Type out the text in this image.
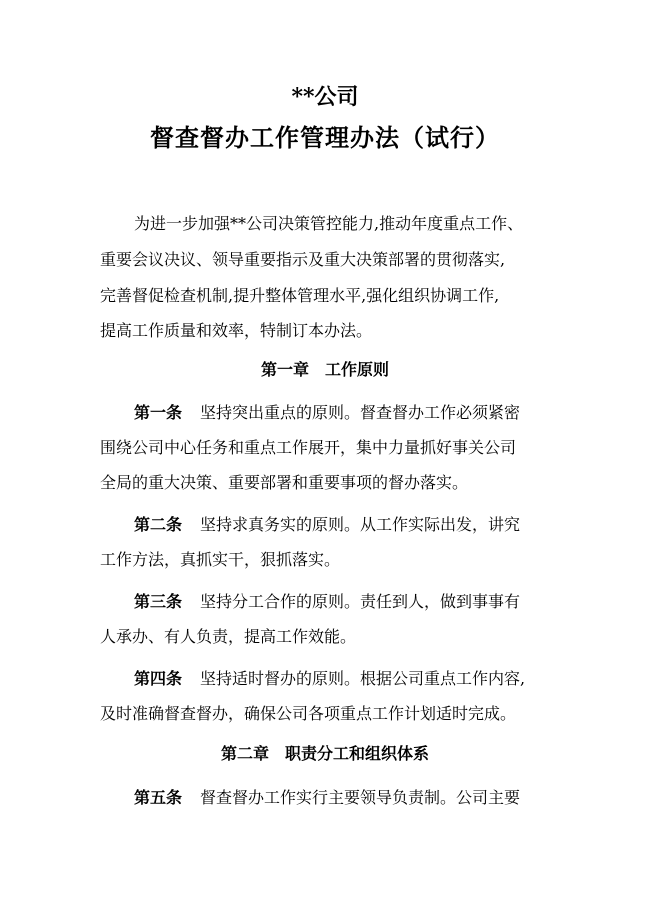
**公司
督查督办工作管理办法（试行）
为进一步加强**公司决策管控能力,推动年度重点工作、
重要会议决议、领导重要指示及重大决策部署的贯彻落实,
完善督促检查机制,提升整体管理水平,强化组织协调工作,
提高工作质量和效率，特制订本办法。
第一章　工作原则
第一条 坚持突出重点的原则。督查督办工作必须紧密
围绕公司中心任务和重点工作展开，集中力量抓好事关公司
全局的重大决策、重要部署和重要事项的督办落实。
第二条 坚持求真务实的原则。从工作实际出发，讲究
工作方法，真抓实干，狠抓落实。
第三条 坚持分工合作的原则。责任到人，做到事事有
人承办、有人负责，提高工作效能。
第四条 坚持适时督办的原则。根据公司重点工作内容,
及时准确督查督办，确保公司各项重点工作计划适时完成。
第二章　职责分工和组织体系
第五条 督查督办工作实行主要领导负责制。公司主要
